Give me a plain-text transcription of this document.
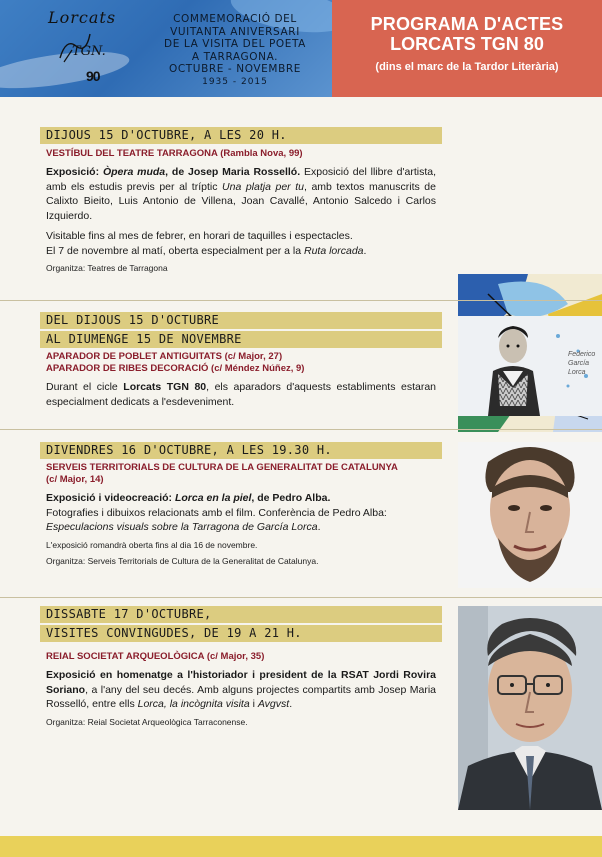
Lorcats
TGN.
90
COMMEMORACIÓ DEL
VUITANTA ANIVERSARI
DE LA VISITA DEL POETA
A TARRAGONA.
OCTUBRE - NOVEMBRE
1935 - 2015
PROGRAMA D'ACTES
LORCATS TGN 80
(dins el marc de la Tardor Literària)
DIJOUS 15 D'OCTUBRE, A LES 20 H.
VESTÍBUL DEL TEATRE TARRAGONA (Rambla Nova, 99)
Exposició: Òpera muda, de Josep Maria Rosselló. Exposició del llibre d'artista, amb els estudis previs per al tríptic Una platja per tu, amb textos manuscrits de Calixto Bieito, Luis Antonio de Villena, Joan Cavallé, Antonio Salcedo i Carlos Izquierdo.
Visitable fins al mes de febrer, en horari de taquilles i espectacles.
El 7 de novembre al matí, oberta especialment per a la Ruta lorcada.
Organitza: Teatres de Tarragona
DEL DIJOUS 15 D'OCTUBRE
AL DIUMENGE 15 DE NOVEMBRE
APARADOR DE POBLET ANTIGUITATS (c/ Major, 27)
APARADOR DE RIBES DECORACIÓ (c/ Méndez Núñez, 9)
Durant el cicle Lorcats TGN 80, els aparadors d'aquests establiments estaran especialment dedicats a l'esdeveniment.
Federico García Lorca
DIVENDRES 16 D'OCTUBRE, A LES 19.30 H.
SERVEIS TERRITORIALS DE CULTURA DE LA GENERALITAT DE CATALUNYA
(c/ Major, 14)
Exposició i videocreació: Lorca en la piel, de Pedro Alba.
Fotografies i dibuixos relacionats amb el film. Conferència de Pedro Alba:
Especulacions visuals sobre la Tarragona de García Lorca.
L'exposició romandrà oberta fins al dia 16 de novembre.
Organitza: Serveis Territorials de Cultura de la Generalitat de Catalunya.
DISSABTE 17 D'OCTUBRE,
VISITES CONVINGUDES, DE 19 A 21 H.
REIAL SOCIETAT ARQUEOLÒGICA (c/ Major, 35)
Exposició en homenatge a l'historiador i president de la RSAT Jordi Rovira Soriano, a l'any del seu decés. Amb alguns projectes compartits amb Josep Maria Rosselló, entre ells Lorca, la incògnita visita i Avgvst.
Organitza: Reial Societat Arqueològica Tarraconense.
